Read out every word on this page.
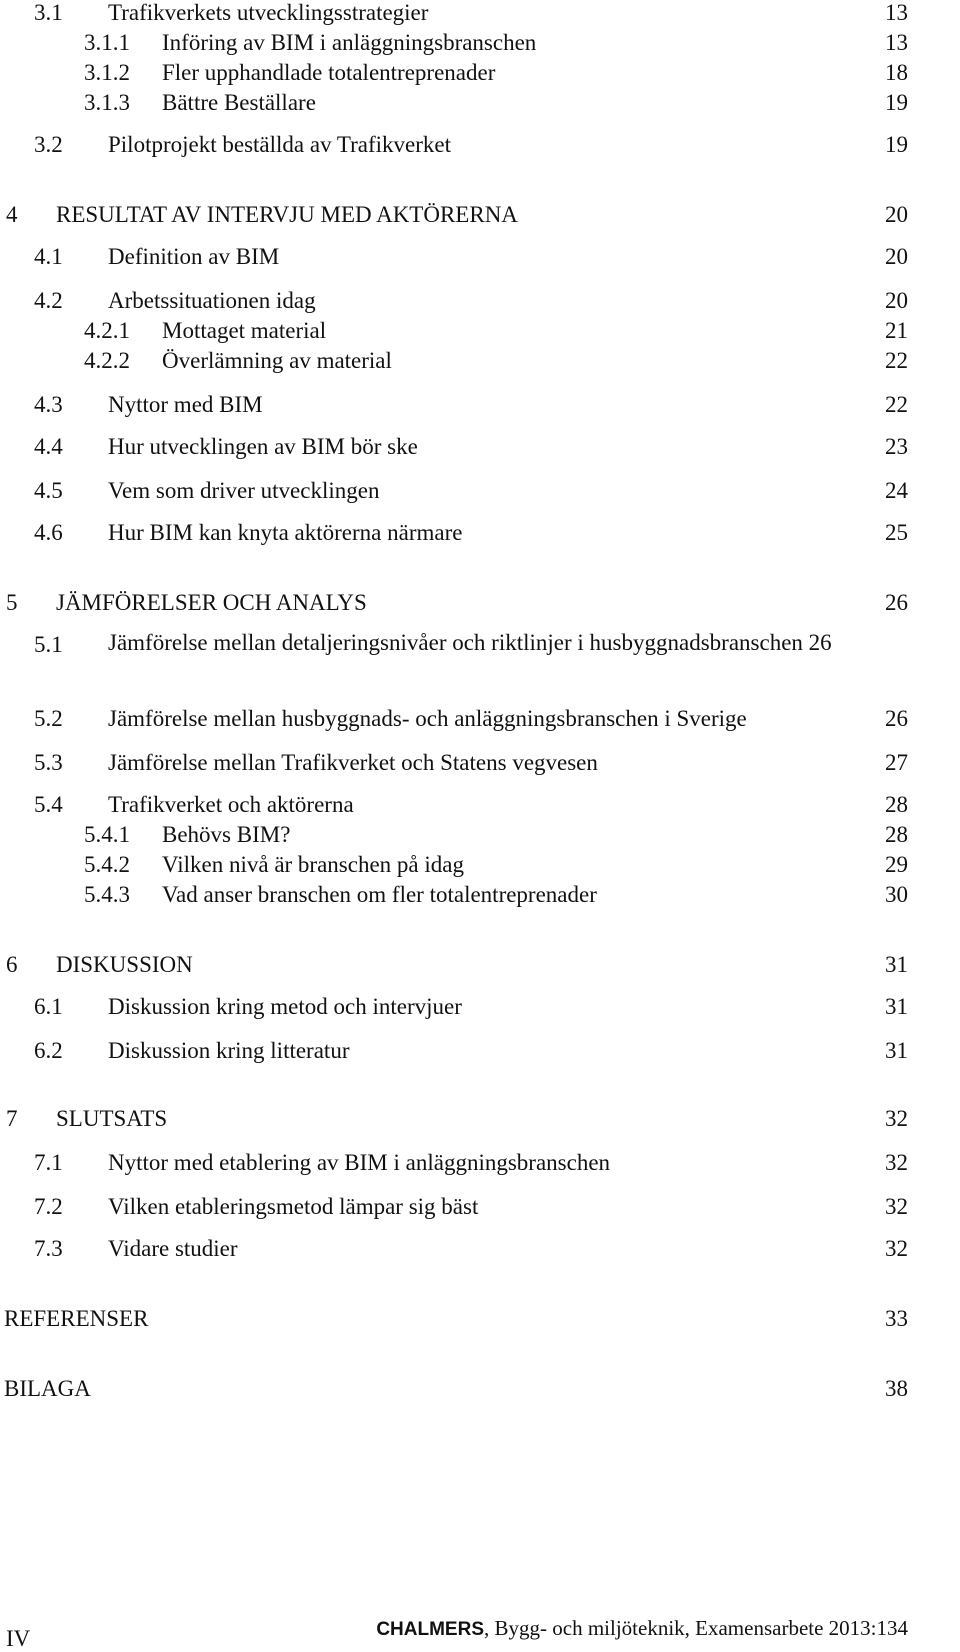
3.1 Trafikverkets utvecklingsstrategier	13
3.1.1 Införing av BIM i anläggningsbranschen	13
3.1.2 Fler upphandlade totalentreprenader	18
3.1.3 Bättre Beställare	19
3.2 Pilotprojekt beställda av Trafikverket	19
4 RESULTAT AV INTERVJU MED AKTÖRERNA	20
4.1 Definition av BIM	20
4.2 Arbetssituationen idag	20
4.2.1 Mottaget material	21
4.2.2 Överlämning av material	22
4.3 Nyttor med BIM	22
4.4 Hur utvecklingen av BIM bör ske	23
4.5 Vem som driver utvecklingen	24
4.6 Hur BIM kan knyta aktörerna närmare	25
5 JÄMFÖRELSER OCH ANALYS	26
5.1 Jämförelse mellan detaljeringsnivåer och riktlinjer i husbyggnadsbranschen 26
5.2 Jämförelse mellan husbyggnads- och anläggningsbranschen i Sverige	26
5.3 Jämförelse mellan Trafikverket och Statens vegvesen	27
5.4 Trafikverket och aktörerna	28
5.4.1 Behövs BIM?	28
5.4.2 Vilken nivå är branschen på idag	29
5.4.3 Vad anser branschen om fler totalentreprenader	30
6 DISKUSSION	31
6.1 Diskussion kring metod och intervjuer	31
6.2 Diskussion kring litteratur	31
7 SLUTSATS	32
7.1 Nyttor med etablering av BIM i anläggningsbranschen	32
7.2 Vilken etableringsmetod lämpar sig bäst	32
7.3 Vidare studier	32
REFERENSER	33
BILAGA	38
IV	CHALMERS, Bygg- och miljöteknik, Examensarbete 2013:134
